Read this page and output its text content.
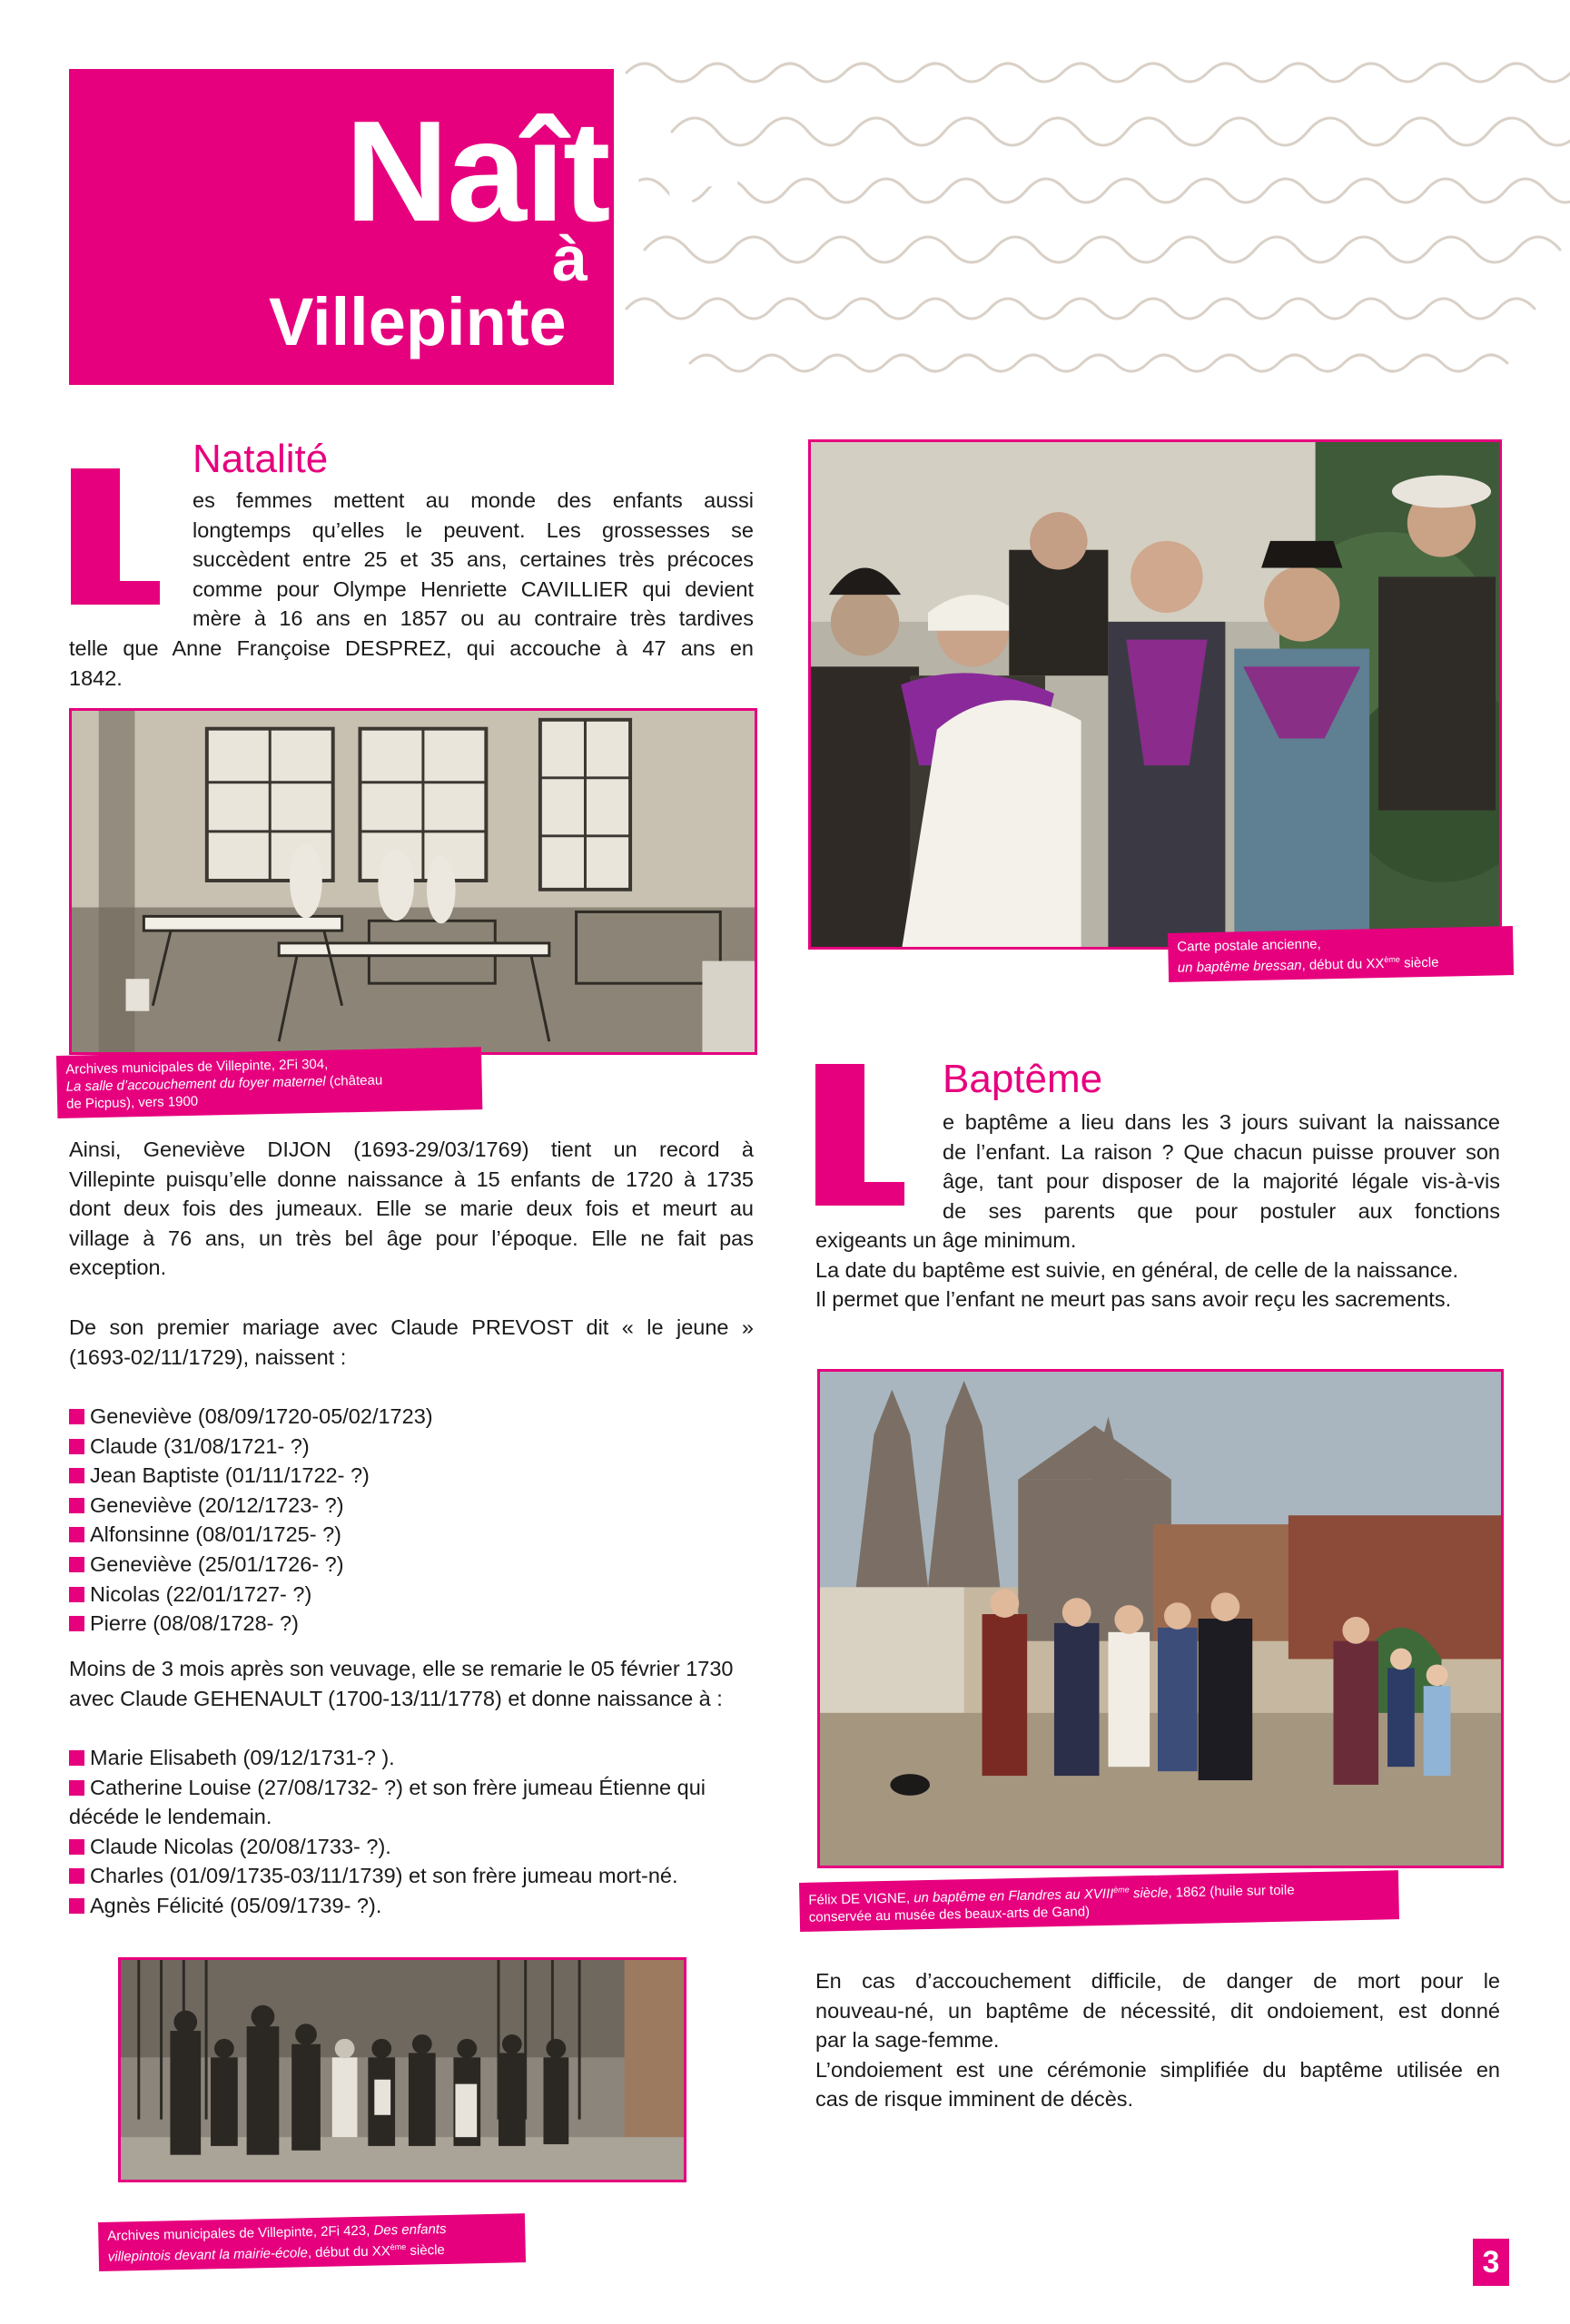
Naître
à
Villepinte
Natalité
es femmes mettent au monde des enfants aussi
longtemps qu’elles le peuvent. Les grossesses se
succèdent entre 25 et 35 ans, certaines très précoces
comme pour Olympe Henriette CAVILLIER qui devient
mère à 16 ans en 1857 ou au contraire très tardives
telle que Anne Françoise DESPREZ, qui accouche à 47 ans en
1842.
Archives municipales de Villepinte, 2Fi 304,
La salle d’accouchement du foyer maternel (château
de Picpus), vers 1900
Ainsi, Geneviève DIJON (1693-29/03/1769) tient un record à
Villepinte puisqu’elle donne naissance à 15 enfants de 1720 à 1735
dont deux fois des jumeaux. Elle se marie deux fois et meurt au
village à 76 ans, un très bel âge pour l’époque. Elle ne fait pas
exception.
De son premier mariage avec Claude PREVOST dit « le jeune »
(1693-02/11/1729), naissent :
Geneviève (08/09/1720-05/02/1723)
Claude (31/08/1721- ?)
Jean Baptiste (01/11/1722- ?)
Geneviève (20/12/1723- ?)
Alfonsinne (08/01/1725- ?)
Geneviève (25/01/1726- ?)
Nicolas (22/01/1727- ?)
Pierre (08/08/1728- ?)
Moins de 3 mois après son veuvage, elle se remarie le 05 février 1730
avec Claude GEHENAULT (1700-13/11/1778) et donne naissance à :
Marie Elisabeth (09/12/1731-? ).
Catherine Louise (27/08/1732- ?) et son frère jumeau Étienne qui
décéde le lendemain.
Claude Nicolas (20/08/1733- ?).
Charles (01/09/1735-03/11/1739) et son frère jumeau mort-né.
Agnès Félicité (05/09/1739- ?).
Archives municipales de Villepinte, 2Fi 423, Des enfants
villepintois devant la mairie-école, début du XXème siècle
Carte postale ancienne,
un baptême bressan, début du XXème siècle
Baptême
e baptême a lieu dans les 3 jours suivant la naissance
de l’enfant. La raison ? Que chacun puisse prouver son
âge, tant pour disposer de la majorité légale vis-à-vis
de ses parents que pour postuler aux fonctions
exigeants un âge minimum.
La date du baptême est suivie, en général, de celle de la naissance.
Il permet que l’enfant ne meurt pas sans avoir reçu les sacrements.
Félix DE VIGNE, un baptême en Flandres au XVIIIème siècle, 1862 (huile sur toile
conservée au musée des beaux-arts de Gand)
En cas d’accouchement difficile, de danger de mort pour le
nouveau-né, un baptême de nécessité, dit ondoiement, est donné
par la sage-femme.
L’ondoiement est une cérémonie simplifiée du baptême utilisée en
cas de risque imminent de décès.
3
